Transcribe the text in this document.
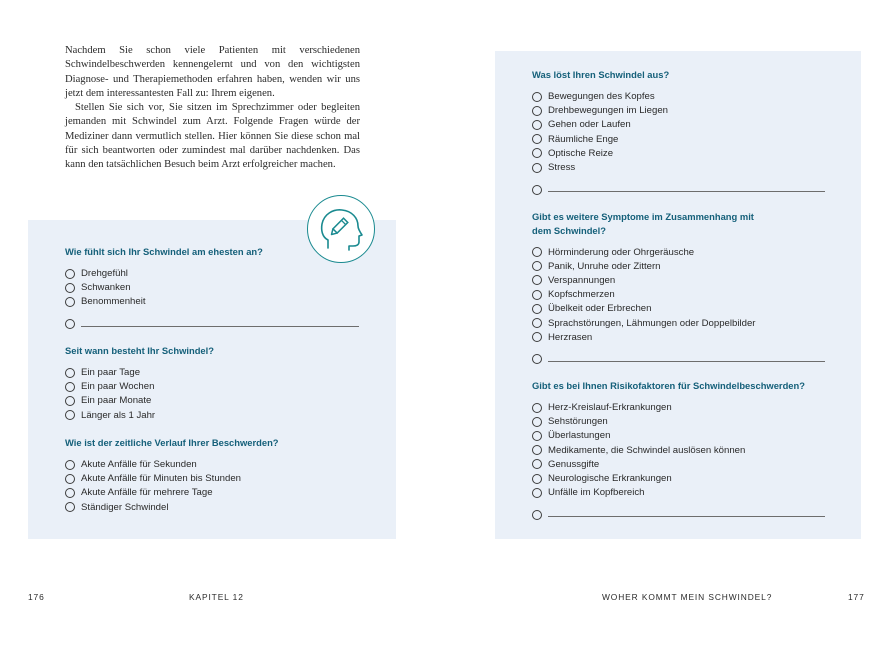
Nachdem Sie schon viele Patienten mit verschiedenen Schwindelbeschwerden kennengelernt und von den wichtigsten Diagnose- und Therapiemethoden erfahren haben, wenden wir uns jetzt dem interessantesten Fall zu: Ihrem eigenen.

Stellen Sie sich vor, Sie sitzen im Sprechzimmer oder begleiten jemanden mit Schwindel zum Arzt. Folgende Fragen würde der Mediziner dann vermutlich stellen. Hier können Sie diese schon mal für sich beantworten oder zumindest mal darüber nachdenken. Das kann den tatsächlichen Besuch beim Arzt erfolgreicher machen.

Wie fühlt sich Ihr Schwindel am ehesten an?

Drehgefühl
Schwanken
Benommenheit

Seit wann besteht Ihr Schwindel?

Ein paar Tage
Ein paar Wochen
Ein paar Monate
Länger als 1 Jahr

Wie ist der zeitliche Verlauf Ihrer Beschwerden?

Akute Anfälle für Sekunden
Akute Anfälle für Minuten bis Stunden
Akute Anfälle für mehrere Tage
Ständiger Schwindel
176	KAPITEL 12

Was löst Ihren Schwindel aus?

Bewegungen des Kopfes
Drehbewegungen im Liegen
Gehen oder Laufen
Räumliche Enge
Optische Reize
Stress

Gibt es weitere Symptome im Zusammenhang mit dem Schwindel?

Hörminderung oder Ohrgeräusche
Panik, Unruhe oder Zittern
Verspannungen
Kopfschmerzen
Übelkeit oder Erbrechen
Sprachstörungen, Lähmungen oder Doppelbilder
Herzrasen

Gibt es bei Ihnen Risikofaktoren für Schwindelbeschwerden?

Herz-Kreislauf-Erkrankungen
Sehstörungen
Überlastungen
Medikamente, die Schwindel auslösen können
Genussgifte
Neurologische Erkrankungen
Unfälle im Kopfbereich
WOHER KOMMT MEIN SCHWINDEL?	177
